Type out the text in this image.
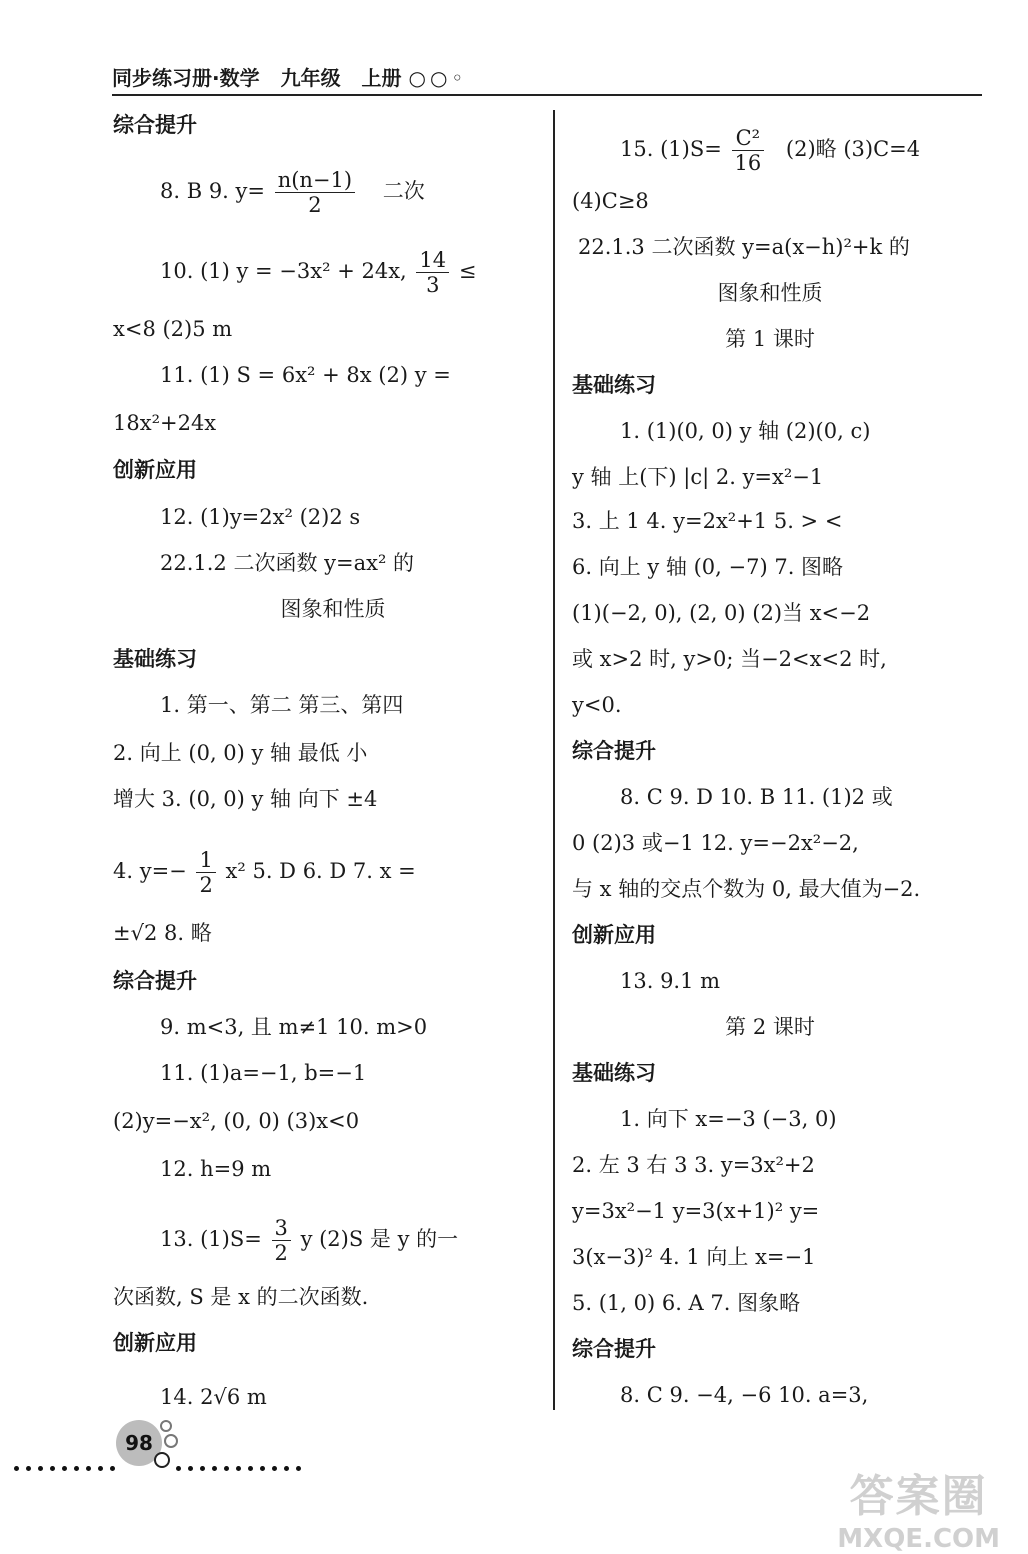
同步练习册·数学 九年级 上册 ○○◦
综合提升
8. B 9. $y= \frac{n(n-1)}{2}$ 二次
10. (1) y = −3x² + 24x, $\frac{14}{3}$ ≤
x<8 (2)5 m
11. (1) S = 6x² + 8x (2) y =
18x²+24x
创新应用
12. (1)y=2x² (2)2 s
22.1.2 二次函数 y=ax² 的
图象和性质
基础练习
1. 第一、第二 第三、第四
2. 向上 (0, 0) y 轴 最低 小
增大 3. (0, 0) y 轴 向下 ±4
4. $y=- \frac{1}{2} x^2$ 5. D 6. D 7. x =
±√2 8. 略
综合提升
9. m<3, 且 m≠1 10. m>0
11. (1)a=−1, b=−1
(2)y=−x², (0, 0) (3)x<0
12. h=9 m
13. $(1)S= \frac{3}{2}$ y (2)S 是 y 的一
次函数, S 是 x 的二次函数.
创新应用
14. 2√6 m
15. $(1)S= \frac{\text{C²}}{16} (2)$略 (3)C=4
(4)C≥8
22.1.3 二次函数 y=a(x−h)²+k 的
图象和性质
第 1 课时
基础练习
1. (1)(0, 0) y 轴 (2)(0, c)
y 轴 上(下) |c| 2. y=x²−1
3. 上 1 4. y=2x²+1 5. > <
6. 向上 y 轴 (0, −7) 7. 图略
(1)(−2, 0), (2, 0) (2)当 x<−2
或 x>2 时, y>0; 当−2<x<2 时,
y<0.
综合提升
8. C 9. D 10. B 11. (1)2 或
0 (2)3 或−1 12. y=−2x²−2,
与 x 轴的交点个数为 0, 最大值为−2.
创新应用
13. 9.1 m
第 2 课时
基础练习
1. 向下 x=−3 (−3, 0)
2. 左 3 右 3 3. y=3x²+2
y=3x²−1 y=3(x+1)² y=
3(x−3)² 4. 1 向上 x=−1
5. (1, 0) 6. A 7. 图象略
综合提升
8. C 9. −4, −6 10. a=3,
98
答案圈
MXQE.COM
